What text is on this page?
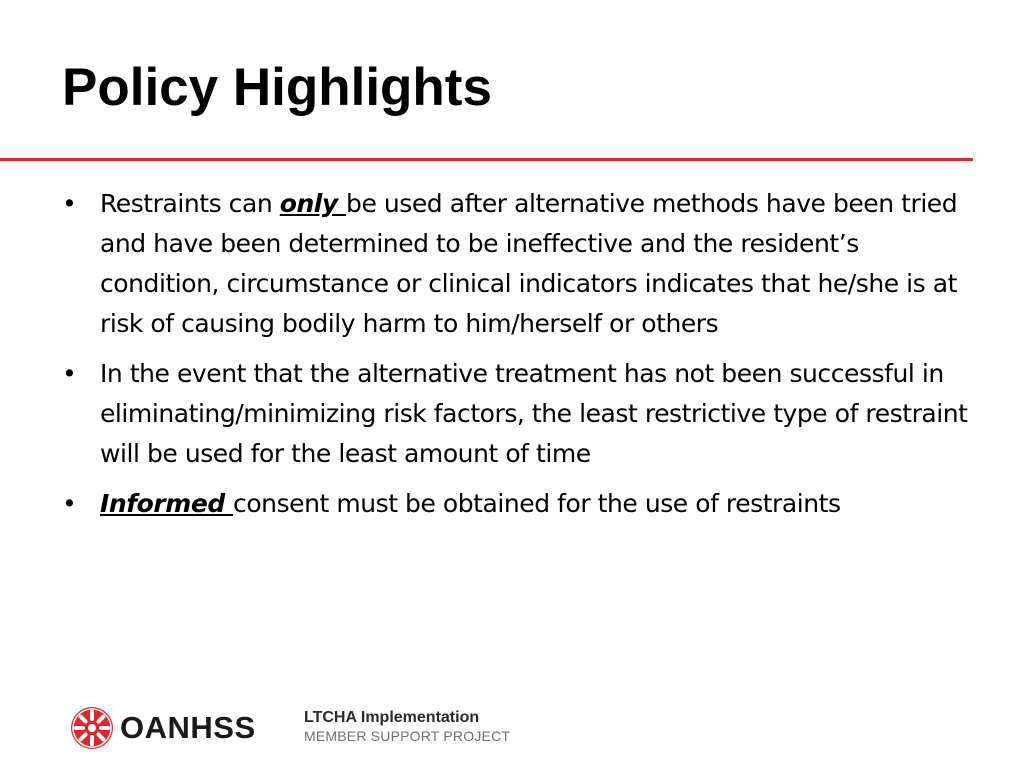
Policy Highlights
• Restraints can only be used after alternative methods have been tried and have been determined to be ineffective and the resident’s condition, circumstance or clinical indicators indicates that he/she is at risk of causing bodily harm to him/herself or others
• In the event that the alternative treatment has not been successful in eliminating/minimizing risk factors, the least restrictive type of restraint will be used for the least amount of time
• Informed consent must be obtained for the use of restraints
OANHSS	LTCHA Implementation
MEMBER SUPPORT PROJECT
